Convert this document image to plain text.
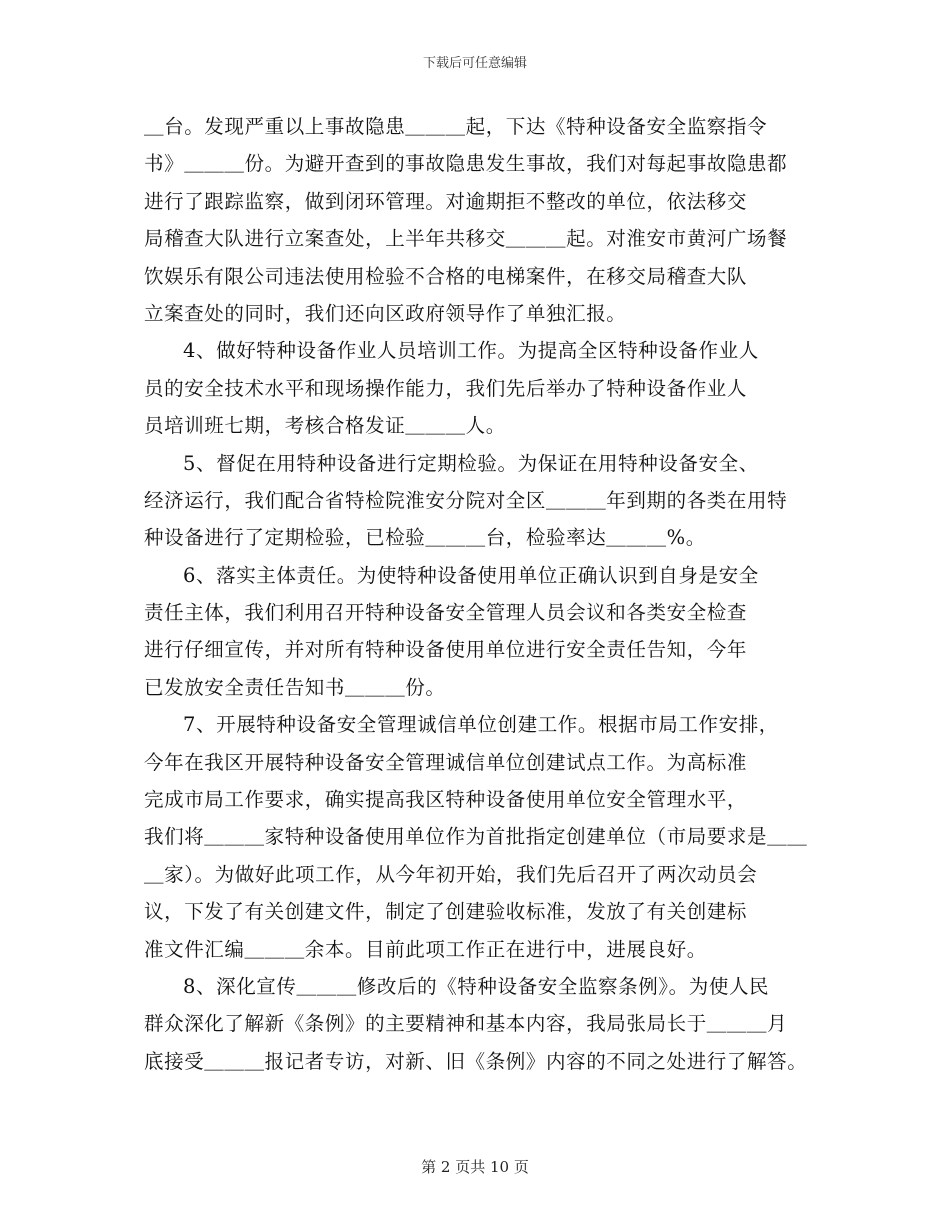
下载后可任意编辑
＿台。发现严重以上事故隐患＿＿＿起，下达《特种设备安全监察指令
书》＿＿＿份。为避开查到的事故隐患发生事故，我们对每起事故隐患都
进行了跟踪监察，做到闭环管理。对逾期拒不整改的单位，依法移交
局稽查大队进行立案查处，上半年共移交＿＿＿起。对淮安市黄河广场餐
饮娱乐有限公司违法使用检验不合格的电梯案件，在移交局稽查大队
立案查处的同时，我们还向区政府领导作了单独汇报。
4、做好特种设备作业人员培训工作。为提高全区特种设备作业人
员的安全技术水平和现场操作能力，我们先后举办了特种设备作业人
员培训班七期，考核合格发证＿＿＿人。
5、督促在用特种设备进行定期检验。为保证在用特种设备安全、
经济运行，我们配合省特检院淮安分院对全区＿＿＿年到期的各类在用特
种设备进行了定期检验，已检验＿＿＿台，检验率达＿＿＿%。
6、落实主体责任。为使特种设备使用单位正确认识到自身是安全
责任主体，我们利用召开特种设备安全管理人员会议和各类安全检查
进行仔细宣传，并对所有特种设备使用单位进行安全责任告知，今年
已发放安全责任告知书＿＿＿份。
7、开展特种设备安全管理诚信单位创建工作。根据市局工作安排，
今年在我区开展特种设备安全管理诚信单位创建试点工作。为高标准
完成市局工作要求，确实提高我区特种设备使用单位安全管理水平，
我们将＿＿＿家特种设备使用单位作为首批指定创建单位（市局要求是＿＿
＿家）。为做好此项工作，从今年初开始，我们先后召开了两次动员会
议，下发了有关创建文件，制定了创建验收标准，发放了有关创建标
准文件汇编＿＿＿余本。目前此项工作正在进行中，进展良好。
8、深化宣传＿＿＿修改后的《特种设备安全监察条例》。为使人民
群众深化了解新《条例》的主要精神和基本内容，我局张局长于＿＿＿月
底接受＿＿＿报记者专访，对新、旧《条例》内容的不同之处进行了解答。
第 2 页共 10 页
